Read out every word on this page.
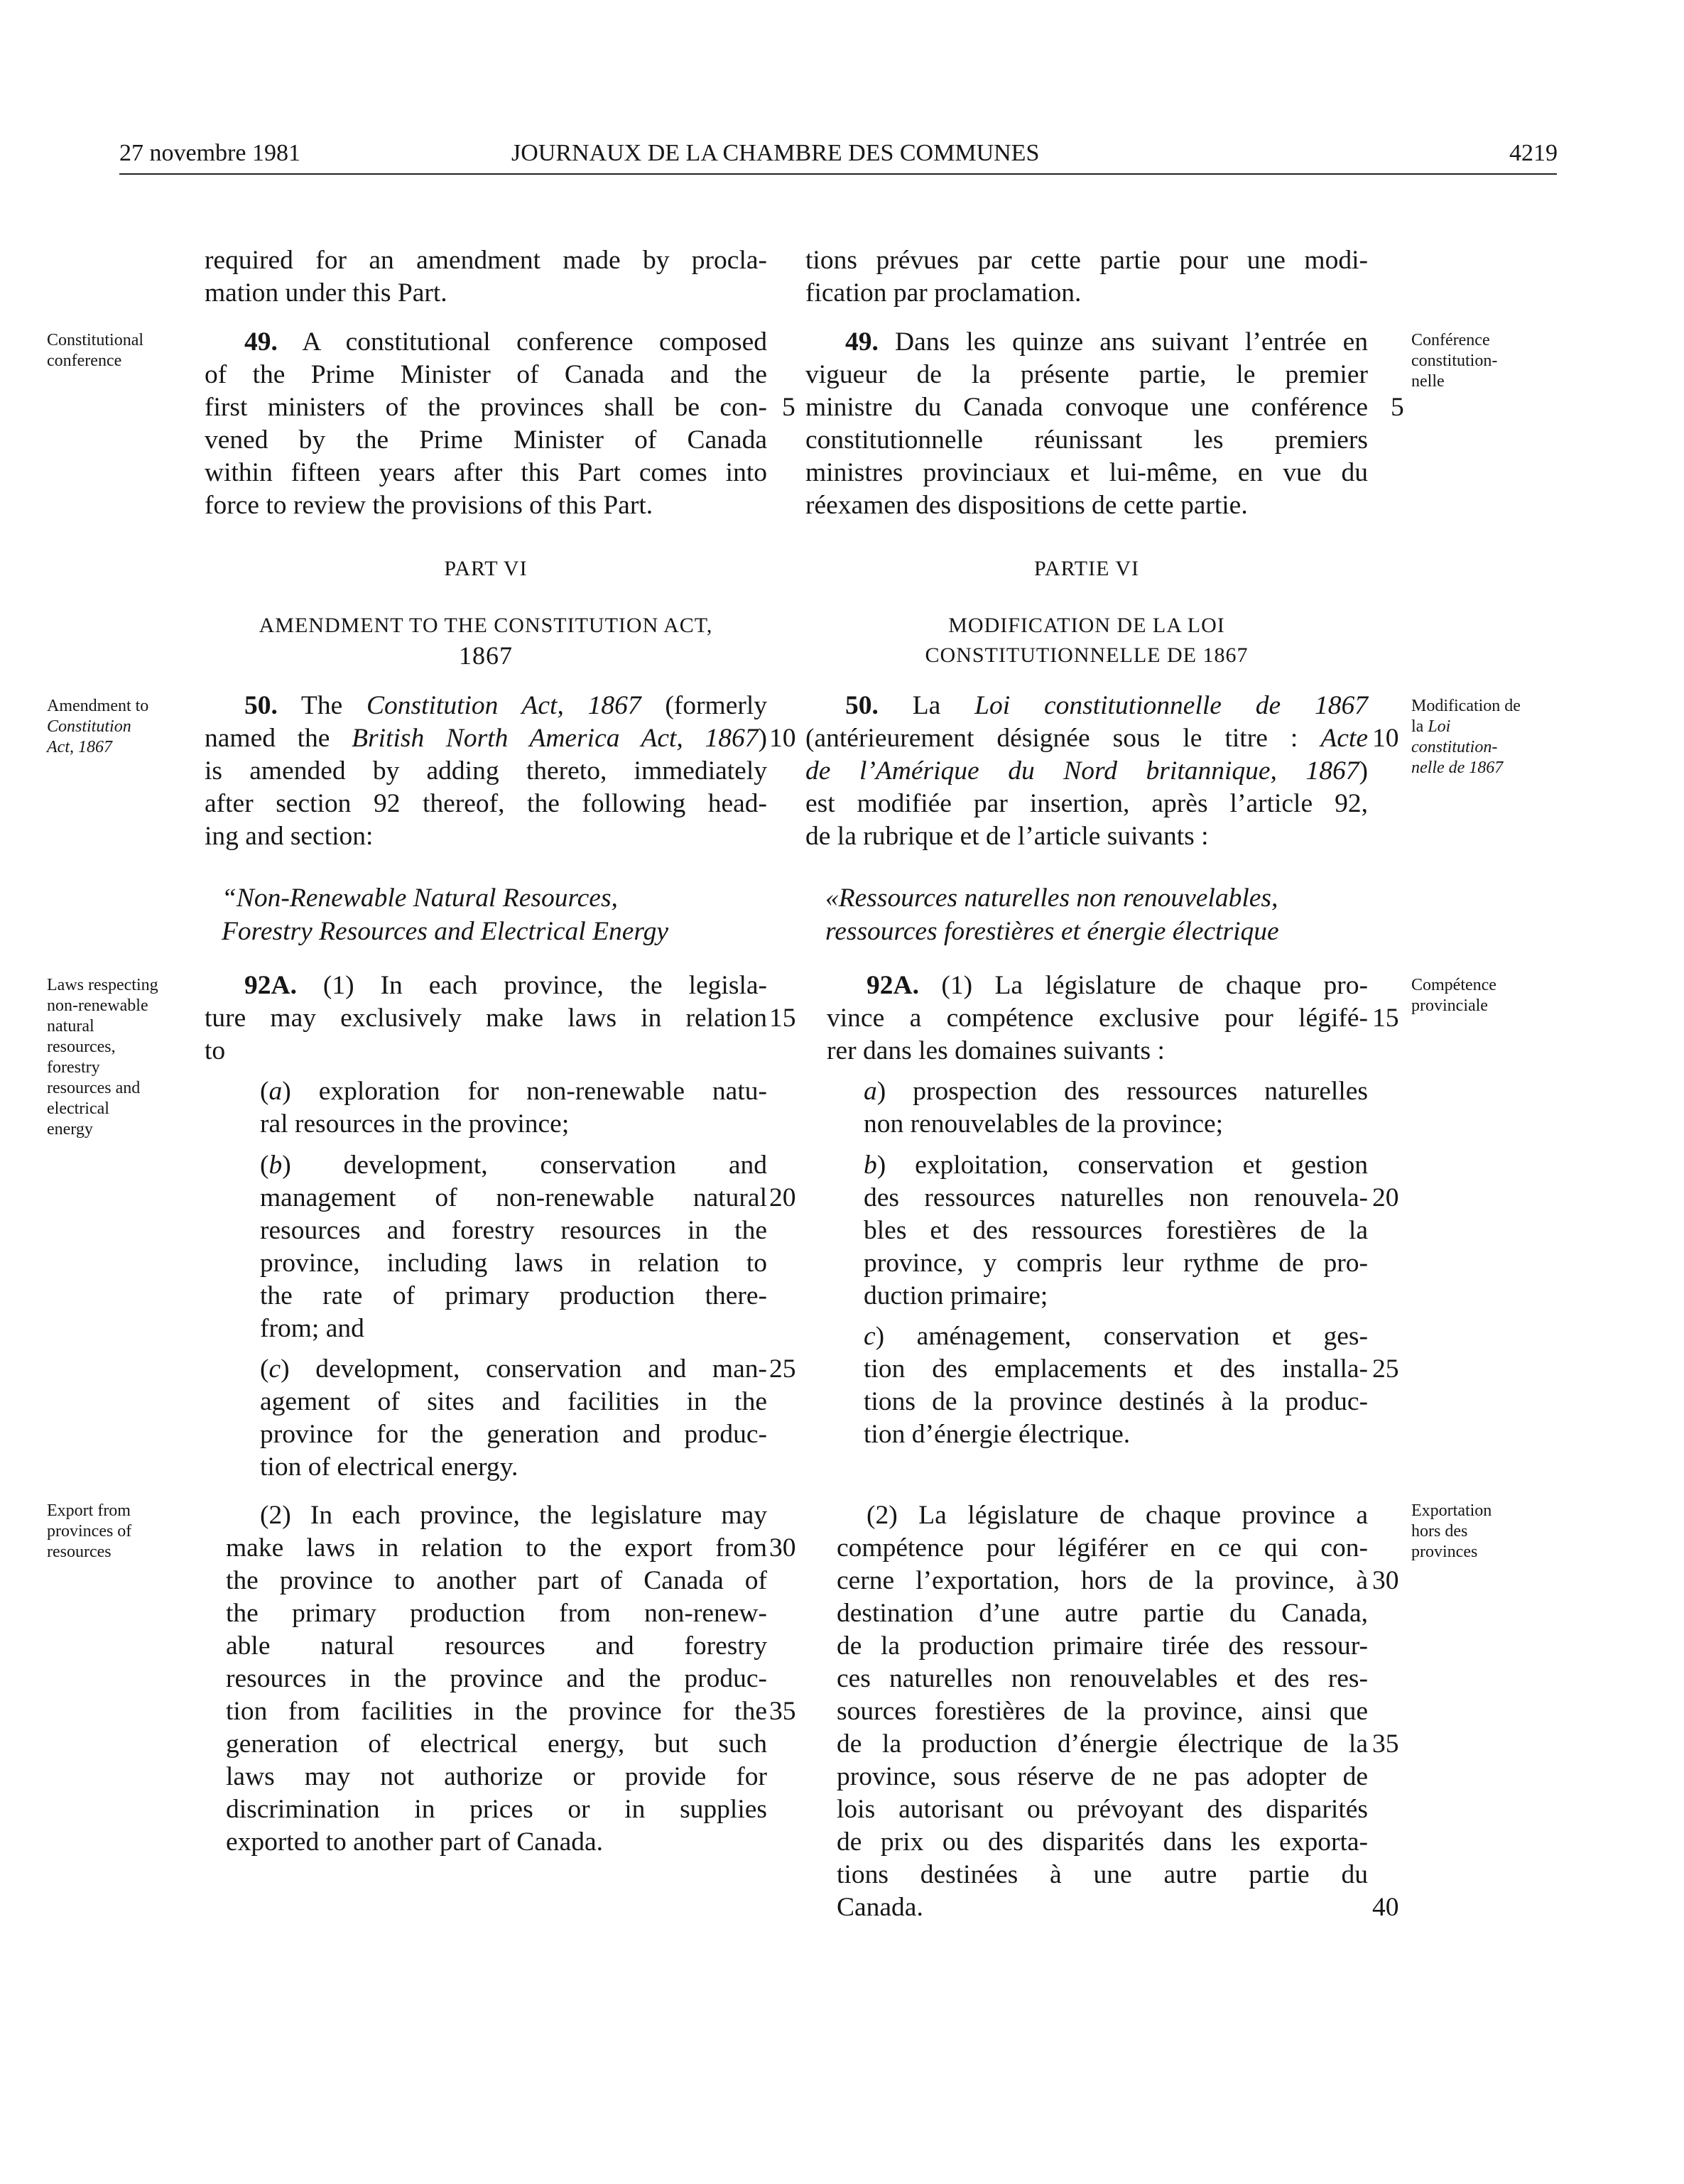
27 novembre 1981	JOURNAUX DE LA CHAMBRE DES COMMUNES	4219
Constitutional
conference
Amendment to
Constitution
Act, 1867
Laws respecting
non-renewable
natural
resources,
forestry
resources and
electrical
energy
Export from
provinces of
resources
Conférence
constitution-
nelle
Modification de
la Loi
constitution-
nelle de 1867
Compétence
provinciale
Exportation
hors des
provinces
required for an amendment made by procla-
mation under this Part.
49. A constitutional conference composed
of the Prime Minister of Canada and the
first ministers of the provinces shall be con-
vened by the Prime Minister of Canada
within fifteen years after this Part comes into
force to review the provisions of this Part.
PART VI
AMENDMENT TO THE CONSTITUTION ACT,
1867
50. The Constitution Act, 1867 (formerly
named the British North America Act, 1867)
is amended by adding thereto, immediately
after section 92 thereof, the following head-
ing and section:
“Non-Renewable Natural Resources,
Forestry Resources and Electrical Energy
92A. (1) In each province, the legisla-
ture may exclusively make laws in relation
to
(a) exploration for non-renewable natu-
ral resources in the province;
(b) development, conservation and
management of non-renewable natural
resources and forestry resources in the
province, including laws in relation to
the rate of primary production there-
from; and
(c) development, conservation and man-
agement of sites and facilities in the
province for the generation and produc-
tion of electrical energy.
(2) In each province, the legislature may
make laws in relation to the export from
the province to another part of Canada of
the primary production from non-renew-
able natural resources and forestry
resources in the province and the produc-
tion from facilities in the province for the
generation of electrical energy, but such
laws may not authorize or provide for
discrimination in prices or in supplies
exported to another part of Canada.
tions prévues par cette partie pour une modi-
fication par proclamation.
49. Dans les quinze ans suivant l’entrée en
vigueur de la présente partie, le premier
ministre du Canada convoque une conférence
constitutionnelle réunissant les premiers
ministres provinciaux et lui-même, en vue du
réexamen des dispositions de cette partie.
PARTIE VI
MODIFICATION DE LA LOI
CONSTITUTIONNELLE DE 1867
50. La Loi constitutionnelle de 1867
(antérieurement désignée sous le titre : Acte
de l’Amérique du Nord britannique, 1867)
est modifiée par insertion, après l’article 92,
de la rubrique et de l’article suivants :
«Ressources naturelles non renouvelables,
ressources forestières et énergie électrique
92A. (1) La législature de chaque pro-
vince a compétence exclusive pour légifé-
rer dans les domaines suivants :
a) prospection des ressources naturelles
non renouvelables de la province;
b) exploitation, conservation et gestion
des ressources naturelles non renouvela-
bles et des ressources forestières de la
province, y compris leur rythme de pro-
duction primaire;
c) aménagement, conservation et ges-
tion des emplacements et des installa-
tions de la province destinés à la produc-
tion d’énergie électrique.
(2) La législature de chaque province a
compétence pour légiférer en ce qui con-
cerne l’exportation, hors de la province, à
destination d’une autre partie du Canada,
de la production primaire tirée des ressour-
ces naturelles non renouvelables et des res-
sources forestières de la province, ainsi que
de la production d’énergie électrique de la
province, sous réserve de ne pas adopter de
lois autorisant ou prévoyant des disparités
de prix ou des disparités dans les exporta-
tions destinées à une autre partie du
Canada.
5
10
15
20
25
30
35
5
10
15
20
25
30
35
40
